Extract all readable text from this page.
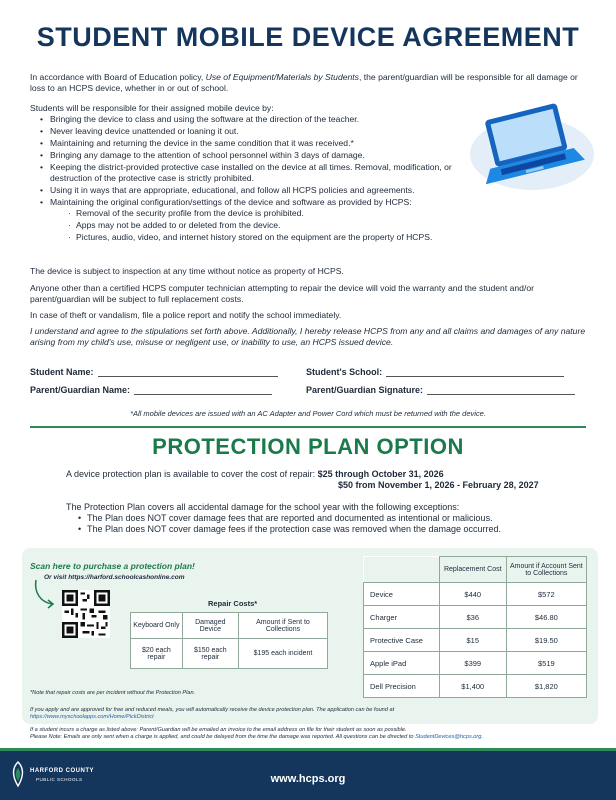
STUDENT MOBILE DEVICE AGREEMENT
In accordance with Board of Education policy, Use of Equipment/Materials by Students, the parent/guardian will be responsible for all damage or loss to an HCPS device, whether in or out of school.
Students will be responsible for their assigned mobile device by:
• Bringing the device to class and using the software at the direction of the teacher.
• Never leaving device unattended or loaning it out.
• Maintaining and returning the device in the same condition that it was received.*
• Bringing any damage to the attention of school personnel within 3 days of damage.
• Keeping the district-provided protective case installed on the device at all times. Removal, modification, or destruction of the protective case is strictly prohibited.
• Using it in ways that are appropriate, educational, and follow all HCPS policies and agreements.
• Maintaining the original configuration/settings of the device and software as provided by HCPS:
· Removal of the security profile from the device is prohibited.
· Apps may not be added to or deleted from the device.
· Pictures, audio, video, and internet history stored on the equipment are the property of HCPS.
The device is subject to inspection at any time without notice as property of HCPS.
Anyone other than a certified HCPS computer technician attempting to repair the device will void the warranty and the student and/or parent/guardian will be subject to full replacement costs.
In case of theft or vandalism, file a police report and notify the school immediately.
I understand and agree to the stipulations set forth above. Additionally, I hereby release HCPS from any and all claims and damages of any nature arising from my child's use, misuse or negligent use, or inability to use, an HCPS issued device.
Student Name:	Student's School:
Parent/Guardian Name:	Parent/Guardian Signature:
*All mobile devices are issued with an AC Adapter and Power Cord which must be returned with the device.
PROTECTION PLAN OPTION
A device protection plan is available to cover the cost of repair: $25 through October 31, 2026
$50 from November 1, 2026 - February 28, 2027
The Protection Plan covers all accidental damage for the school year with the following exceptions:
• The Plan does NOT cover damage fees that are reported and documented as intentional or malicious.
• The Plan does NOT cover damage fees if the protection case was removed when the damage occurred.
Scan here to purchase a protection plan!
Or visit https://harford.schoolcashonline.com
Repair Costs*
Keyboard Only	Damaged Device	Amount if Sent to Collections
$20 each repair	$150 each repair	$195 each incident
	Replacement Cost	Amount if Account Sent to Collections
Device	$440	$572
Charger	$36	$46.80
Protective Case	$15	$19.50
Apple iPad	$399	$519
Dell Precision	$1,400	$1,820
*Note that repair costs are per incident without the Protection Plan.
If you apply and are approved for free and reduced meals, you will automatically receive the device protection plan. The application can be found at
https://www.myschoolapps.com/Home/PickDistrict
If a student incurs a charge as listed above: Parent/Guardian will be emailed an invoice to the email address on file for their student as soon as possible.
Please Note: Emails are only sent when a charge is applied, and could be delayed from the time the damage was reported. All questions can be directed to StudentDevices@hcps.org.
HARFORD COUNTY
PUBLIC SCHOOLS	www.hcps.org
